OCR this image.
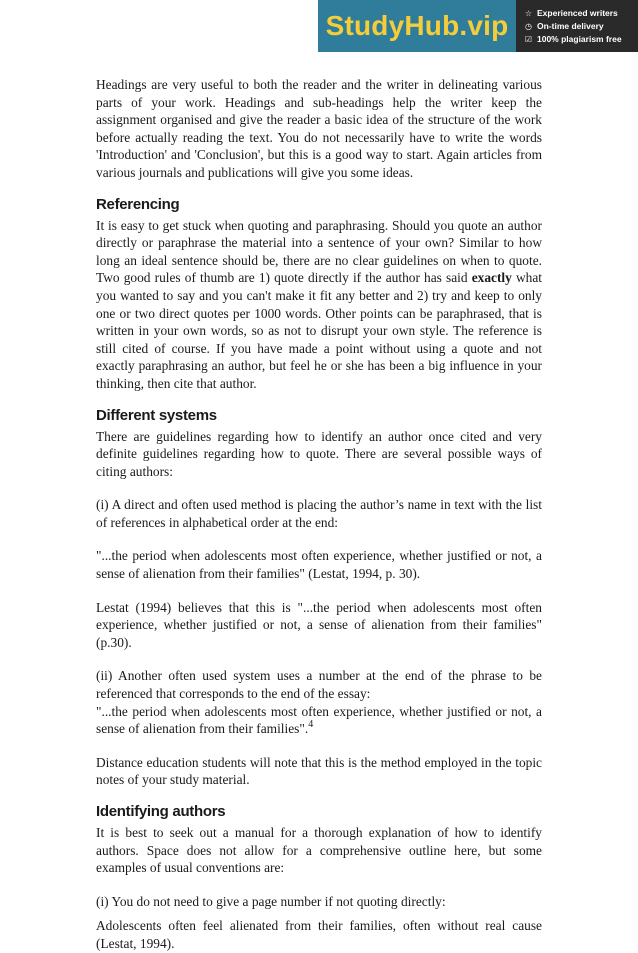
StudyHub.vip	☆ Experienced writers
◷ On-time delivery
☑ 100% plagiarism free

Headings are very useful to both the reader and the writer in delineating various parts of your work. Headings and sub-headings help the writer keep the assignment organised and give the reader a basic idea of the structure of the work before actually reading the text. You do not necessarily have to write the words 'Introduction' and 'Conclusion', but this is a good way to start. Again articles from various journals and publications will give you some ideas.

Referencing

It is easy to get stuck when quoting and paraphrasing. Should you quote an author directly or paraphrase the material into a sentence of your own? Similar to how long an ideal sentence should be, there are no clear guidelines on when to quote. Two good rules of thumb are 1) quote directly if the author has said exactly what you wanted to say and you can't make it fit any better and 2) try and keep to only one or two direct quotes per 1000 words. Other points can be paraphrased, that is written in your own words, so as not to disrupt your own style. The reference is still cited of course. If you have made a point without using a quote and not exactly paraphrasing an author, but feel he or she has been a big influence in your thinking, then cite that author.

Different systems

There are guidelines regarding how to identify an author once cited and very definite guidelines regarding how to quote. There are several possible ways of citing authors:

(i) A direct and often used method is placing the author’s name in text with the list of references in alphabetical order at the end:

"...the period when adolescents most often experience, whether justified or not, a sense of alienation from their families" (Lestat, 1994, p. 30).

Lestat (1994) believes that this is "...the period when adolescents most often experience, whether justified or not, a sense of alienation from their families" (p.30).

(ii) Another often used system uses a number at the end of the phrase to be referenced that corresponds to the end of the essay:

"...the period when adolescents most often experience, whether justified or not, a sense of alienation from their families".$^4$

Distance education students will note that this is the method employed in the topic notes of your study material.

Identifying authors

It is best to seek out a manual for a thorough explanation of how to identify authors. Space does not allow for a comprehensive outline here, but some examples of usual conventions are:

(i) You do not need to give a page number if not quoting directly:

Adolescents often feel alienated from their families, often without real cause (Lestat, 1994).
